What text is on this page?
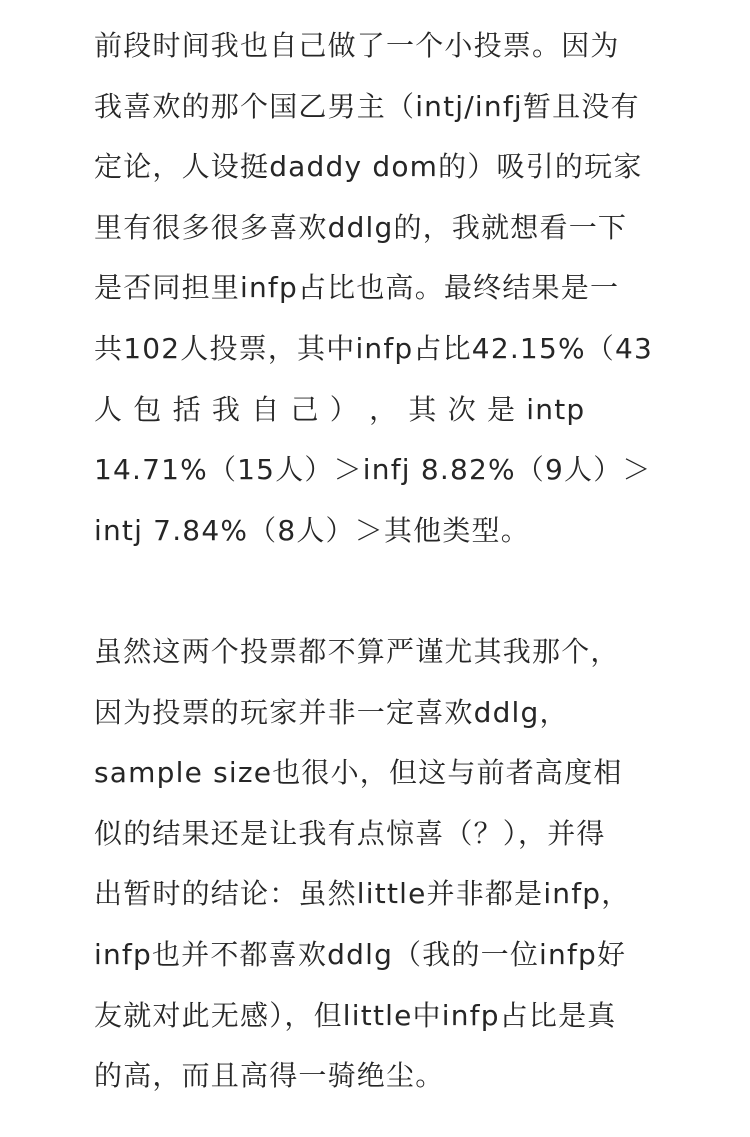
前段时间我也自己做了一个小投票。因为
我喜欢的那个国乙男主（intj/infj暂且没有
定论，人设挺daddy dom的）吸引的玩家
里有很多很多喜欢ddlg的，我就想看一下
是否同担里infp占比也高。最终结果是一
共102人投票，其中infp占比42.15%（43
人 包 括 我 自 己 ） ， 其 次 是 intp
14.71%（15人）＞infj 8.82%（9人）＞
intj 7.84%（8人）＞其他类型。

虽然这两个投票都不算严谨尤其我那个，
因为投票的玩家并非一定喜欢ddlg，
sample size也很小，但这与前者高度相
似的结果还是让我有点惊喜（？），并得
出暂时的结论：虽然little并非都是infp，
infp也并不都喜欢ddlg（我的一位infp好
友就对此无感），但little中infp占比是真
的高，而且高得一骑绝尘。
